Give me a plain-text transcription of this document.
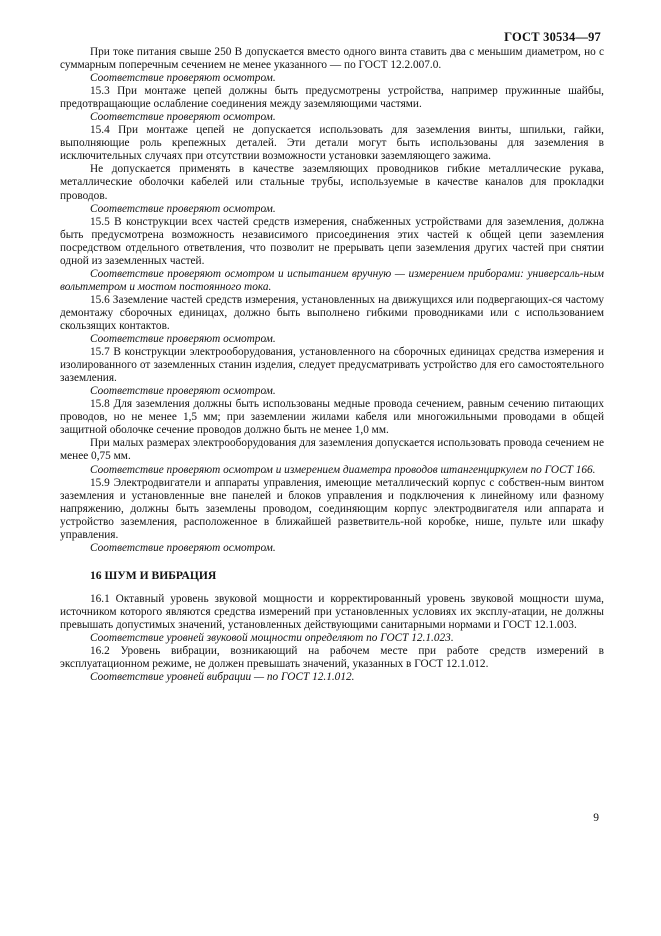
ГОСТ 30534—97

При токе питания свыше 250 В допускается вместо одного винта ставить два с меньшим диаметром, но с суммарным поперечным сечением не менее указанного — по ГОСТ 12.2.007.0.

Соответствие проверяют осмотром.

15.3 При монтаже цепей должны быть предусмотрены устройства, например пружинные шайбы, предотвращающие ослабление соединения между заземляющими частями.

Соответствие проверяют осмотром.

15.4 При монтаже цепей не допускается использовать для заземления винты, шпильки, гайки, выполняющие роль крепежных деталей. Эти детали могут быть использованы для заземления в исключительных случаях при отсутствии возможности установки заземляющего зажима.

Не допускается применять в качестве заземляющих проводников гибкие металлические рукава, металлические оболочки кабелей или стальные трубы, используемые в качестве каналов для прокладки проводов.

Соответствие проверяют осмотром.

15.5 В конструкции всех частей средств измерения, снабженных устройствами для заземления, должна быть предусмотрена возможность независимого присоединения этих частей к общей цепи заземления посредством отдельного ответвления, что позволит не прерывать цепи заземления других частей при снятии одной из заземленных частей.

Соответствие проверяют осмотром и испытанием вручную — измерением приборами: универсаль-ным вольтметром и мостом постоянного тока.

15.6 Заземление частей средств измерения, установленных на движущихся или подвергающих-ся частому демонтажу сборочных единицах, должно быть выполнено гибкими проводниками или с использованием скользящих контактов.

Соответствие проверяют осмотром.

15.7 В конструкции электрооборудования, установленного на сборочных единицах средства измерения и изолированного от заземленных станин изделия, следует предусматривать устройство для его самостоятельного заземления.

Соответствие проверяют осмотром.

15.8 Для заземления должны быть использованы медные провода сечением, равным сечению питающих проводов, но не менее 1,5 мм; при заземлении жилами кабеля или многожильными проводами в общей защитной оболочке сечение проводов должно быть не менее 1,0 мм.

При малых размерах электрооборудования для заземления допускается использовать провода сечением не менее 0,75 мм.

Соответствие проверяют осмотром и измерением диаметра проводов штангенциркулем по ГОСТ 166.

15.9 Электродвигатели и аппараты управления, имеющие металлический корпус с собствен-ным винтом заземления и установленные вне панелей и блоков управления и подключения к линейному или фазному напряжению, должны быть заземлены проводом, соединяющим корпус электродвигателя или аппарата и устройство заземления, расположенное в ближайшей разветвитель-ной коробке, нише, пульте или шкафу управления.

Соответствие проверяют осмотром.

16 ШУМ И ВИБРАЦИЯ

16.1 Октавный уровень звуковой мощности и корректированный уровень звуковой мощности шума, источником которого являются средства измерений при установленных условиях их эксплу-атации, не должны превышать допустимых значений, установленных действующими санитарными нормами и ГОСТ 12.1.003.

Соответствие уровней звуковой мощности определяют по ГОСТ 12.1.023.

16.2 Уровень вибрации, возникающий на рабочем месте при работе средств измерений в эксплуатационном режиме, не должен превышать значений, указанных в ГОСТ 12.1.012.

Соответствие уровней вибрации — по ГОСТ 12.1.012.

9
